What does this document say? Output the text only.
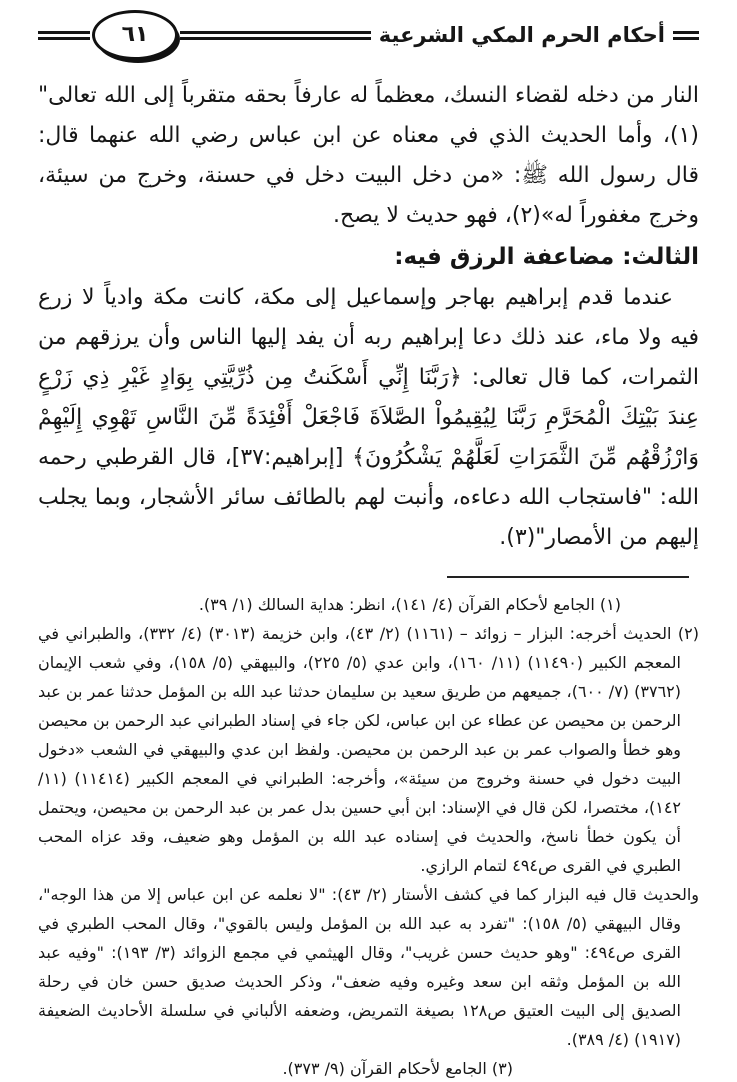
أحكام الحرم المكي الشرعية
٦١

النار من دخله لقضاء النسك، معظماً له عارفاً بحقه متقرباً إلى الله تعالى"(١)، وأما الحديث الذي في معناه عن ابن عباس رضي الله عنهما قال: قال رسول الله ﷺ: «من دخل البيت دخل في حسنة، وخرج من سيئة، وخرج مغفوراً له»(٢)، فهو حديث لا يصح.

الثالث: مضاعفة الرزق فيه:

عندما قدم إبراهيم بهاجر وإسماعيل إلى مكة، كانت مكة وادياً لا زرع فيه ولا ماء، عند ذلك دعا إبراهيم ربه أن يفد إليها الناس وأن يرزقهم من الثمرات، كما قال تعالى: ﴿رَبَّنَا إِنِّي أَسْكَنتُ مِن ذُرِّيَّتِي بِوَادٍ غَيْرِ ذِي زَرْعٍ عِندَ بَيْتِكَ الْمُحَرَّمِ رَبَّنَا لِيُقِيمُواْ الصَّلاَةَ فَاجْعَلْ أَفْئِدَةً مِّنَ النَّاسِ تَهْوِي إِلَيْهِمْ وَارْزُقْهُم مِّنَ الثَّمَرَاتِ لَعَلَّهُمْ يَشْكُرُونَ﴾ [إبراهيم:٣٧]، قال القرطبي رحمه الله: "فاستجاب الله دعاءه، وأنبت لهم بالطائف سائر الأشجار، وبما يجلب إليهم من الأمصار"(٣).

(١) الجامع لأحكام القرآن (٤/ ١٤١)، انظر: هداية السالك (١/ ٣٩).

(٢) الحديث أخرجه: البزار – زوائد – (١١٦١) (٢/ ٤٣)، وابن خزيمة (٣٠١٣) (٤/ ٣٣٢)، والطبراني في المعجم الكبير (١١٤٩٠) (١١/ ١٦٠)، وابن عدي (٥/ ٢٢٥)، والبيهقي (٥/ ١٥٨)، وفي شعب الإيمان (٣٧٦٢) (٧/ ٦٠٠)، جميعهم من طريق سعيد بن سليمان حدثنا عبد الله بن المؤمل حدثنا عمر بن عبد الرحمن بن محيصن عن عطاء عن ابن عباس، لكن جاء في إسناد الطبراني عبد الرحمن بن محيصن وهو خطأ والصواب عمر بن عبد الرحمن بن محيصن. ولفظ ابن عدي والبيهقي في الشعب «دخول البيت دخول في حسنة وخروج من سيئة»، وأخرجه: الطبراني في المعجم الكبير (١١٤١٤) (١١/ ١٤٢)، مختصرا، لكن قال في الإسناد: ابن أبي حسين بدل عمر بن عبد الرحمن بن محيصن، ويحتمل أن يكون خطأ ناسخ، والحديث في إسناده عبد الله بن المؤمل وهو ضعيف، وقد عزاه المحب الطبري في القرى ص٤٩٤ لتمام الرازي.

والحديث قال فيه البزار كما في كشف الأستار (٢/ ٤٣): "لا نعلمه عن ابن عباس إلا من هذا الوجه"، وقال البيهقي (٥/ ١٥٨): "تفرد به عبد الله بن المؤمل وليس بالقوي"، وقال المحب الطبري في القرى ص٤٩٤: "وهو حديث حسن غريب"، وقال الهيثمي في مجمع الزوائد (٣/ ١٩٣): "وفيه عبد الله بن المؤمل وثقه ابن سعد وغيره وفيه ضعف"، وذكر الحديث صديق حسن خان في رحلة الصديق إلى البيت العتيق ص١٢٨ بصيغة التمريض، وضعفه الألباني في سلسلة الأحاديث الضعيفة (١٩١٧) (٤/ ٣٨٩).

(٣) الجامع لأحكام القرآن (٩/ ٣٧٣).
